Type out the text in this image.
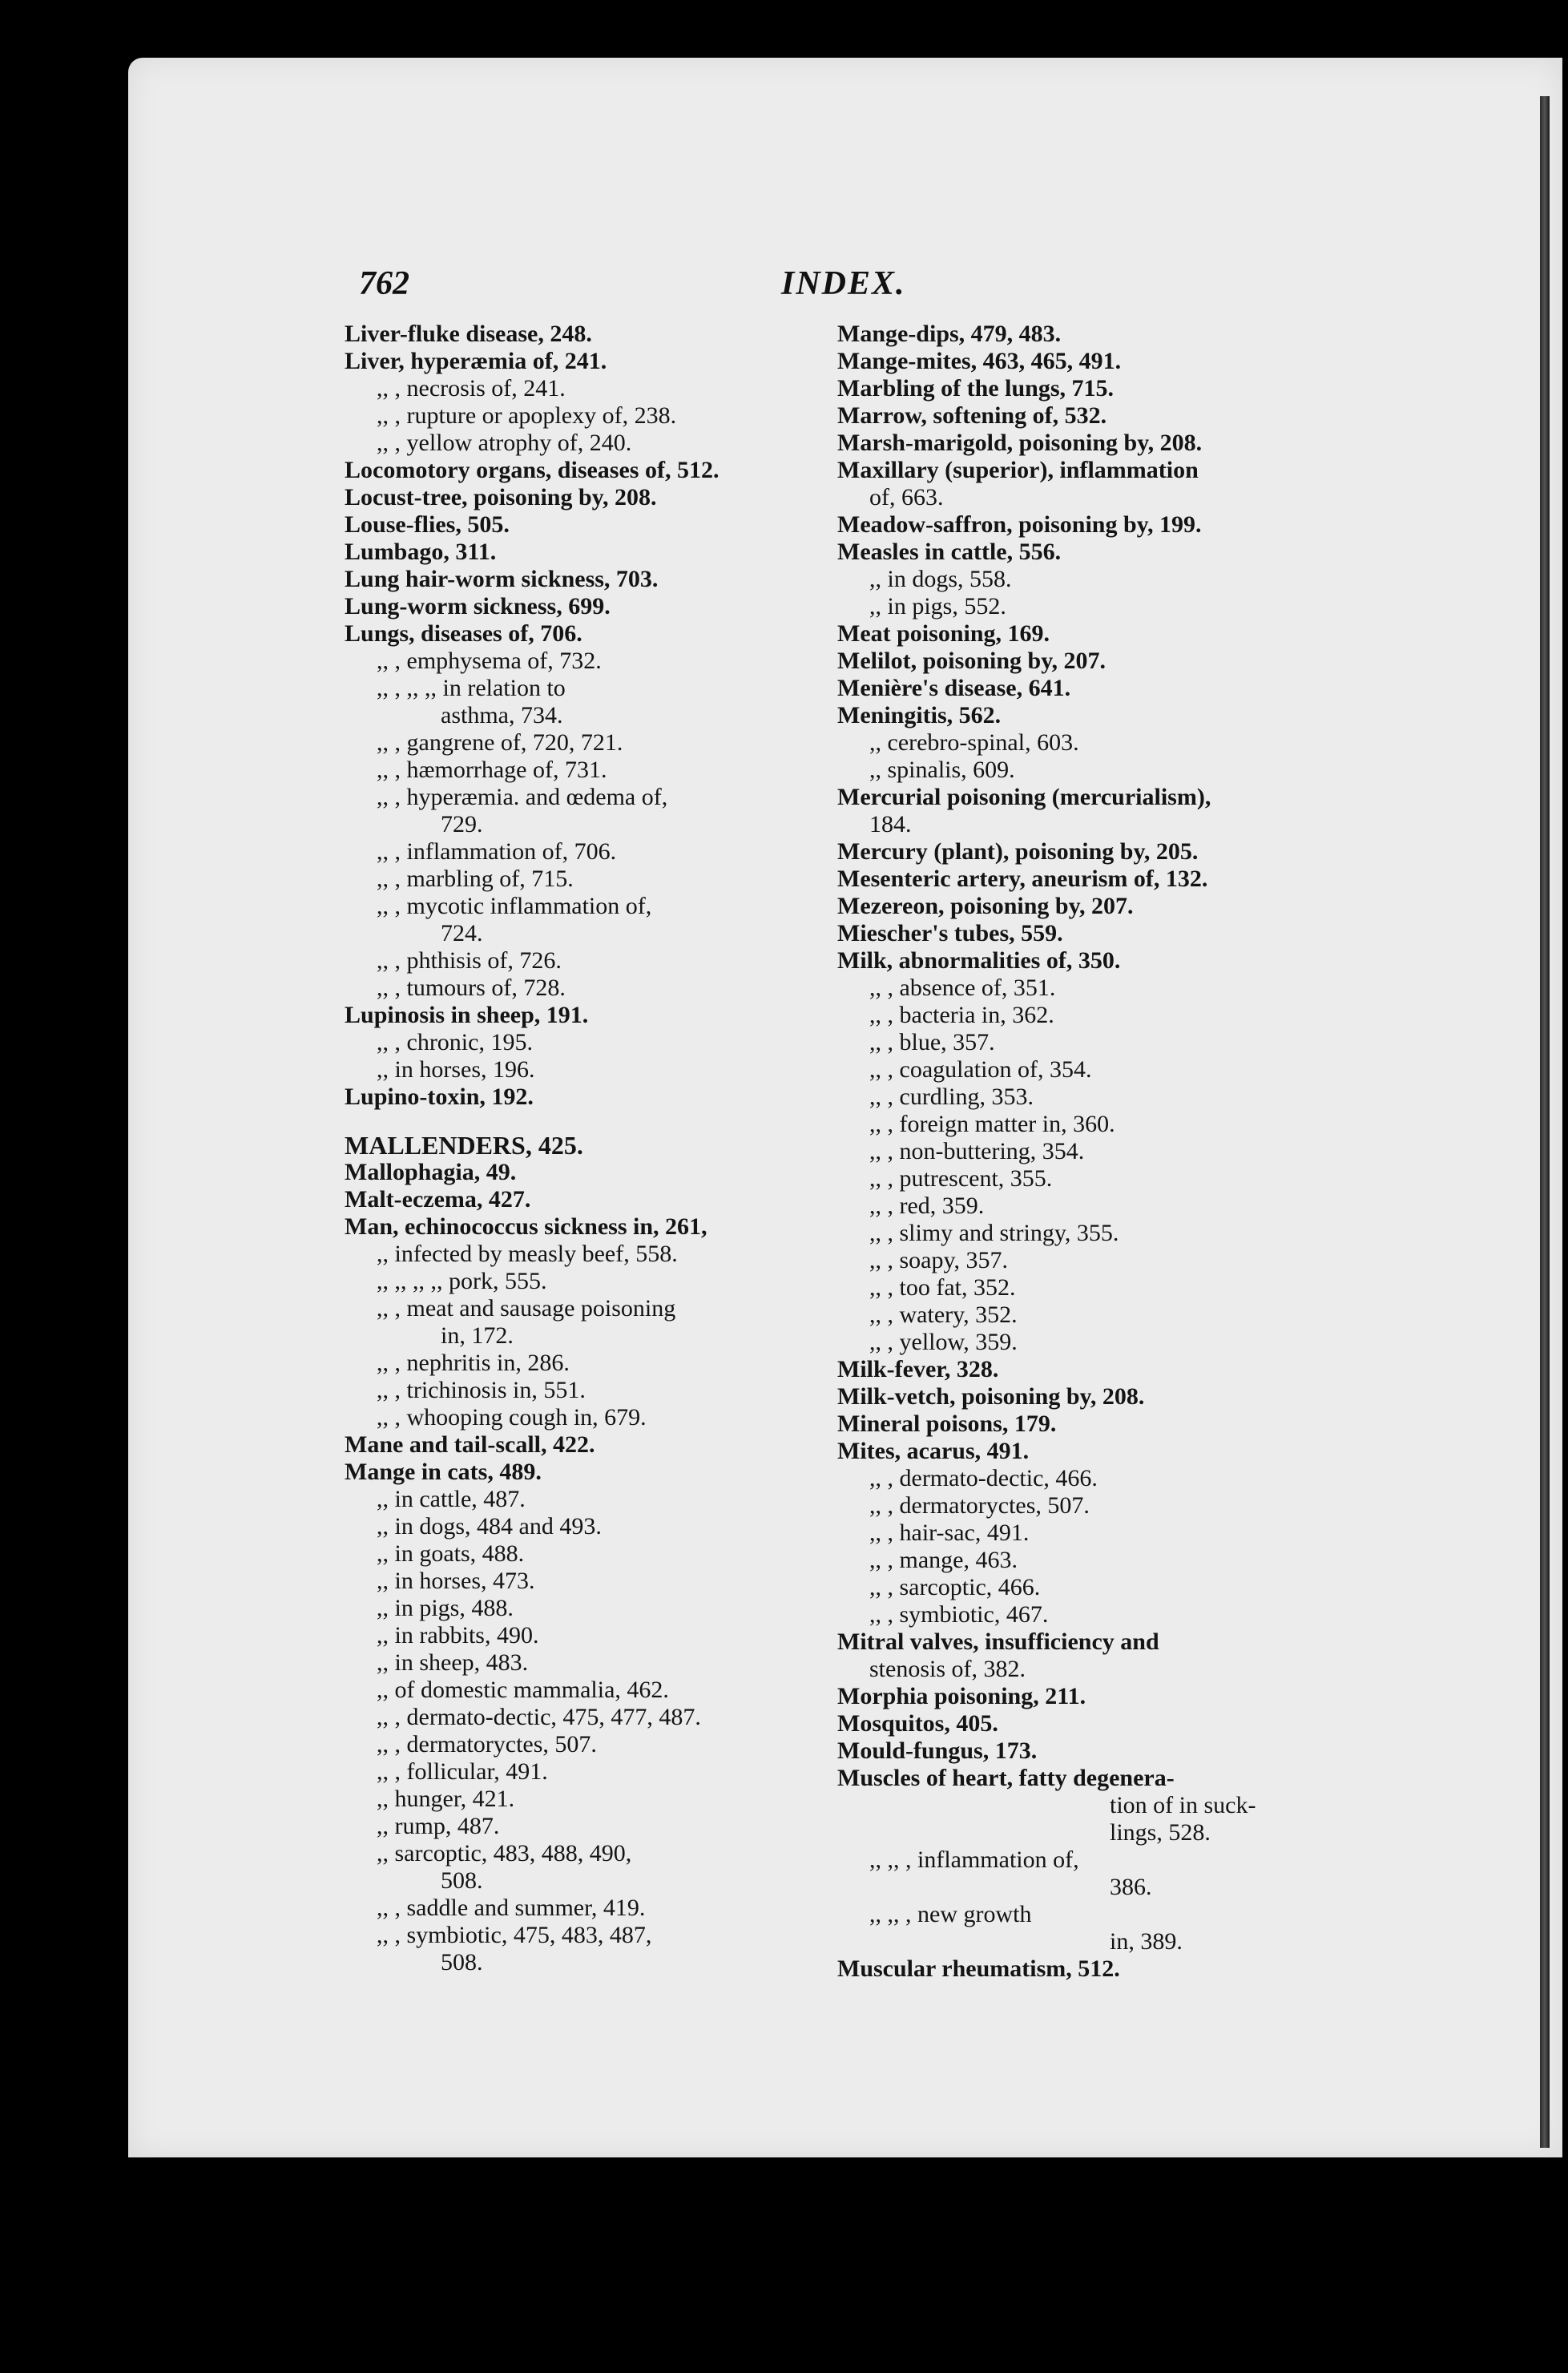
762	INDEX.
Liver-fluke disease, 248.
Liver, hyperæmia of, 241.
,, , necrosis of, 241.
,, , rupture or apoplexy of, 238.
,, , yellow atrophy of, 240.
Locomotory organs, diseases of, 512.
Locust-tree, poisoning by, 208.
Louse-flies, 505.
Lumbago, 311.
Lung hair-worm sickness, 703.
Lung-worm sickness, 699.
Lungs, diseases of, 706.
,, , emphysema of, 732.
,, , ,, ,, in relation to
asthma, 734.
,, , gangrene of, 720, 721.
,, , hæmorrhage of, 731.
,, , hyperæmia. and œdema of,
729.
,, , inflammation of, 706.
,, , marbling of, 715.
,, , mycotic inflammation of,
724.
,, , phthisis of, 726.
,, , tumours of, 728.
Lupinosis in sheep, 191.
,, , chronic, 195.
,, in horses, 196.
Lupino-toxin, 192.
MALLENDERS, 425.
Mallophagia, 49.
Malt-eczema, 427.
Man, echinococcus sickness in, 261,
,, infected by measly beef, 558.
,, ,, ,, ,, pork, 555.
,, , meat and sausage poisoning
in, 172.
,, , nephritis in, 286.
,, , trichinosis in, 551.
,, , whooping cough in, 679.
Mane and tail-scall, 422.
Mange in cats, 489.
,, in cattle, 487.
,, in dogs, 484 and 493.
,, in goats, 488.
,, in horses, 473.
,, in pigs, 488.
,, in rabbits, 490.
,, in sheep, 483.
,, of domestic mammalia, 462.
,, , dermato-dectic, 475, 477, 487.
,, , dermatoryctes, 507.
,, , follicular, 491.
,, hunger, 421.
,, rump, 487.
,, sarcoptic, 483, 488, 490,
508.
,, , saddle and summer, 419.
,, , symbiotic, 475, 483, 487,
508.
Mange-dips, 479, 483.
Mange-mites, 463, 465, 491.
Marbling of the lungs, 715.
Marrow, softening of, 532.
Marsh-marigold, poisoning by, 208.
Maxillary (superior), inflammation
of, 663.
Meadow-saffron, poisoning by, 199.
Measles in cattle, 556.
,, in dogs, 558.
,, in pigs, 552.
Meat poisoning, 169.
Melilot, poisoning by, 207.
Menière's disease, 641.
Meningitis, 562.
,, cerebro-spinal, 603.
,, spinalis, 609.
Mercurial poisoning (mercurialism),
184.
Mercury (plant), poisoning by, 205.
Mesenteric artery, aneurism of, 132.
Mezereon, poisoning by, 207.
Miescher's tubes, 559.
Milk, abnormalities of, 350.
,, , absence of, 351.
,, , bacteria in, 362.
,, , blue, 357.
,, , coagulation of, 354.
,, , curdling, 353.
,, , foreign matter in, 360.
,, , non-buttering, 354.
,, , putrescent, 355.
,, , red, 359.
,, , slimy and stringy, 355.
,, , soapy, 357.
,, , too fat, 352.
,, , watery, 352.
,, , yellow, 359.
Milk-fever, 328.
Milk-vetch, poisoning by, 208.
Mineral poisons, 179.
Mites, acarus, 491.
,, , dermato-dectic, 466.
,, , dermatoryctes, 507.
,, , hair-sac, 491.
,, , mange, 463.
,, , sarcoptic, 466.
,, , symbiotic, 467.
Mitral valves, insufficiency and
stenosis of, 382.
Morphia poisoning, 211.
Mosquitos, 405.
Mould-fungus, 173.
Muscles of heart, fatty degenera-
tion of in suck-
lings, 528.
,, ,, , inflammation of,
386.
,, ,, , new growth
in, 389.
Muscular rheumatism, 512.
